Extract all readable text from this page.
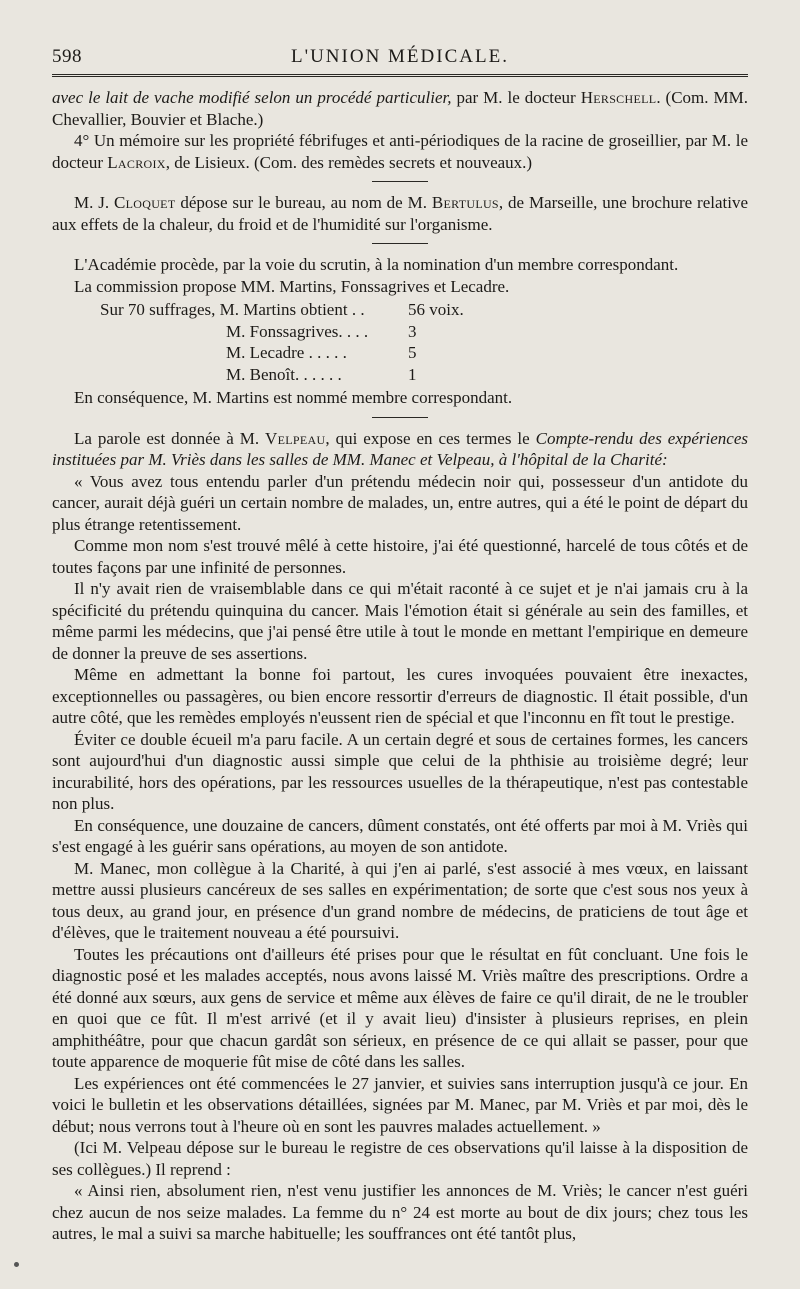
598	L'UNION MÉDICALE.

avec le lait de vache modifié selon un procédé particulier, par M. le docteur Herschell. (Com. MM. Chevallier, Bouvier et Blache.)

4° Un mémoire sur les propriété fébrifuges et anti-périodiques de la racine de groseillier, par M. le docteur Lacroix, de Lisieux. (Com. des remèdes secrets et nouveaux.)

M. J. Cloquet dépose sur le bureau, au nom de M. Bertulus, de Marseille, une brochure relative aux effets de la chaleur, du froid et de l'humidité sur l'organisme.

L'Académie procède, par la voie du scrutin, à la nomination d'un membre correspondant.

La commission propose MM. Martins, Fonssagrives et Lecadre.

Sur 70 suffrages, M. Martins obtient . .	56 voix.
M. Fonssagrives. . . .	3
M. Lecadre . . . . .	5
M. Benoît. . . . . .	1

En conséquence, M. Martins est nommé membre correspondant.

La parole est donnée à M. Velpeau, qui expose en ces termes le Compte-rendu des expériences instituées par M. Vriès dans les salles de MM. Manec et Velpeau, à l'hôpital de la Charité:

« Vous avez tous entendu parler d'un prétendu médecin noir qui, possesseur d'un antidote du cancer, aurait déjà guéri un certain nombre de malades, un, entre autres, qui a été le point de départ du plus étrange retentissement.

Comme mon nom s'est trouvé mêlé à cette histoire, j'ai été questionné, harcelé de tous côtés et de toutes façons par une infinité de personnes.

Il n'y avait rien de vraisemblable dans ce qui m'était raconté à ce sujet et je n'ai jamais cru à la spécificité du prétendu quinquina du cancer. Mais l'émotion était si générale au sein des familles, et même parmi les médecins, que j'ai pensé être utile à tout le monde en mettant l'empirique en demeure de donner la preuve de ses assertions.

Même en admettant la bonne foi partout, les cures invoquées pouvaient être inexactes, exceptionnelles ou passagères, ou bien encore ressortir d'erreurs de diagnostic. Il était possible, d'un autre côté, que les remèdes employés n'eussent rien de spécial et que l'inconnu en fît tout le prestige.

Éviter ce double écueil m'a paru facile. A un certain degré et sous de certaines formes, les cancers sont aujourd'hui d'un diagnostic aussi simple que celui de la phthisie au troisième degré; leur incurabilité, hors des opérations, par les ressources usuelles de la thérapeutique, n'est pas contestable non plus.

En conséquence, une douzaine de cancers, dûment constatés, ont été offerts par moi à M. Vriès qui s'est engagé à les guérir sans opérations, au moyen de son antidote.

M. Manec, mon collègue à la Charité, à qui j'en ai parlé, s'est associé à mes vœux, en laissant mettre aussi plusieurs cancéreux de ses salles en expérimentation; de sorte que c'est sous nos yeux à tous deux, au grand jour, en présence d'un grand nombre de médecins, de praticiens de tout âge et d'élèves, que le traitement nouveau a été poursuivi.

Toutes les précautions ont d'ailleurs été prises pour que le résultat en fût concluant. Une fois le diagnostic posé et les malades acceptés, nous avons laissé M. Vriès maître des prescriptions. Ordre a été donné aux sœurs, aux gens de service et même aux élèves de faire ce qu'il dirait, de ne le troubler en quoi que ce fût. Il m'est arrivé (et il y avait lieu) d'insister à plusieurs reprises, en plein amphithéâtre, pour que chacun gardât son sérieux, en présence de ce qui allait se passer, pour que toute apparence de moquerie fût mise de côté dans les salles.

Les expériences ont été commencées le 27 janvier, et suivies sans interruption jusqu'à ce jour. En voici le bulletin et les observations détaillées, signées par M. Manec, par M. Vriès et par moi, dès le début; nous verrons tout à l'heure où en sont les pauvres malades actuellement. »

(Ici M. Velpeau dépose sur le bureau le registre de ces observations qu'il laisse à la disposition de ses collègues.) Il reprend :

« Ainsi rien, absolument rien, n'est venu justifier les annonces de M. Vriès; le cancer n'est guéri chez aucun de nos seize malades. La femme du n° 24 est morte au bout de dix jours; chez tous les autres, le mal a suivi sa marche habituelle; les souffrances ont été tantôt plus,
